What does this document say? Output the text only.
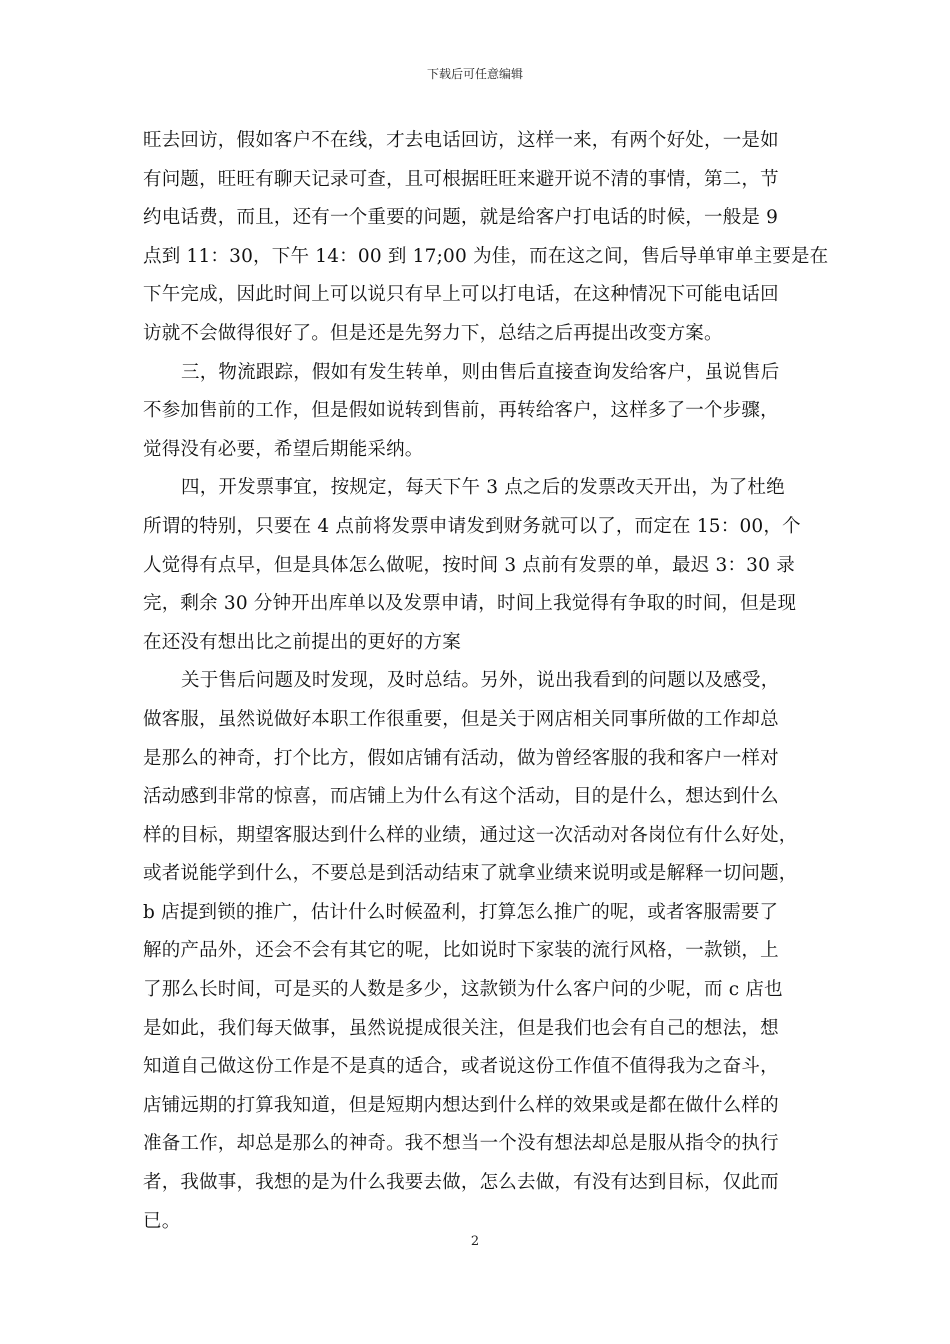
下载后可任意编辑
旺去回访，假如客户不在线，才去电话回访，这样一来，有两个好处，一是如
有问题，旺旺有聊天记录可查，且可根据旺旺来避开说不清的事情，第二，节
约电话费，而且，还有一个重要的问题，就是给客户打电话的时候，一般是 9
点到 11：30，下午 14：00 到 17;00 为佳，而在这之间，售后导单审单主要是在
下午完成，因此时间上可以说只有早上可以打电话，在这种情况下可能电话回
访就不会做得很好了。但是还是先努力下，总结之后再提出改变方案。
三，物流跟踪，假如有发生转单，则由售后直接查询发给客户，虽说售后
不参加售前的工作，但是假如说转到售前，再转给客户，这样多了一个步骤，
觉得没有必要，希望后期能采纳。
四，开发票事宜，按规定，每天下午 3 点之后的发票改天开出，为了杜绝
所谓的特别，只要在 4 点前将发票申请发到财务就可以了，而定在 15：00，个
人觉得有点早，但是具体怎么做呢，按时间 3 点前有发票的单，最迟 3：30 录
完，剩余 30 分钟开出库单以及发票申请，时间上我觉得有争取的时间，但是现
在还没有想出比之前提出的更好的方案
关于售后问题及时发现，及时总结。另外，说出我看到的问题以及感受，
做客服，虽然说做好本职工作很重要，但是关于网店相关同事所做的工作却总
是那么的神奇，打个比方，假如店铺有活动，做为曾经客服的我和客户一样对
活动感到非常的惊喜，而店铺上为什么有这个活动，目的是什么，想达到什么
样的目标，期望客服达到什么样的业绩，通过这一次活动对各岗位有什么好处，
或者说能学到什么，不要总是到活动结束了就拿业绩来说明或是解释一切问题，
b 店提到锁的推广，估计什么时候盈利，打算怎么推广的呢，或者客服需要了
解的产品外，还会不会有其它的呢，比如说时下家装的流行风格，一款锁，上
了那么长时间，可是买的人数是多少，这款锁为什么客户问的少呢，而 c 店也
是如此，我们每天做事，虽然说提成很关注，但是我们也会有自己的想法，想
知道自己做这份工作是不是真的适合，或者说这份工作值不值得我为之奋斗，
店铺远期的打算我知道，但是短期内想达到什么样的效果或是都在做什么样的
准备工作，却总是那么的神奇。我不想当一个没有想法却总是服从指令的执行
者，我做事，我想的是为什么我要去做，怎么去做，有没有达到目标，仅此而
已。
2
